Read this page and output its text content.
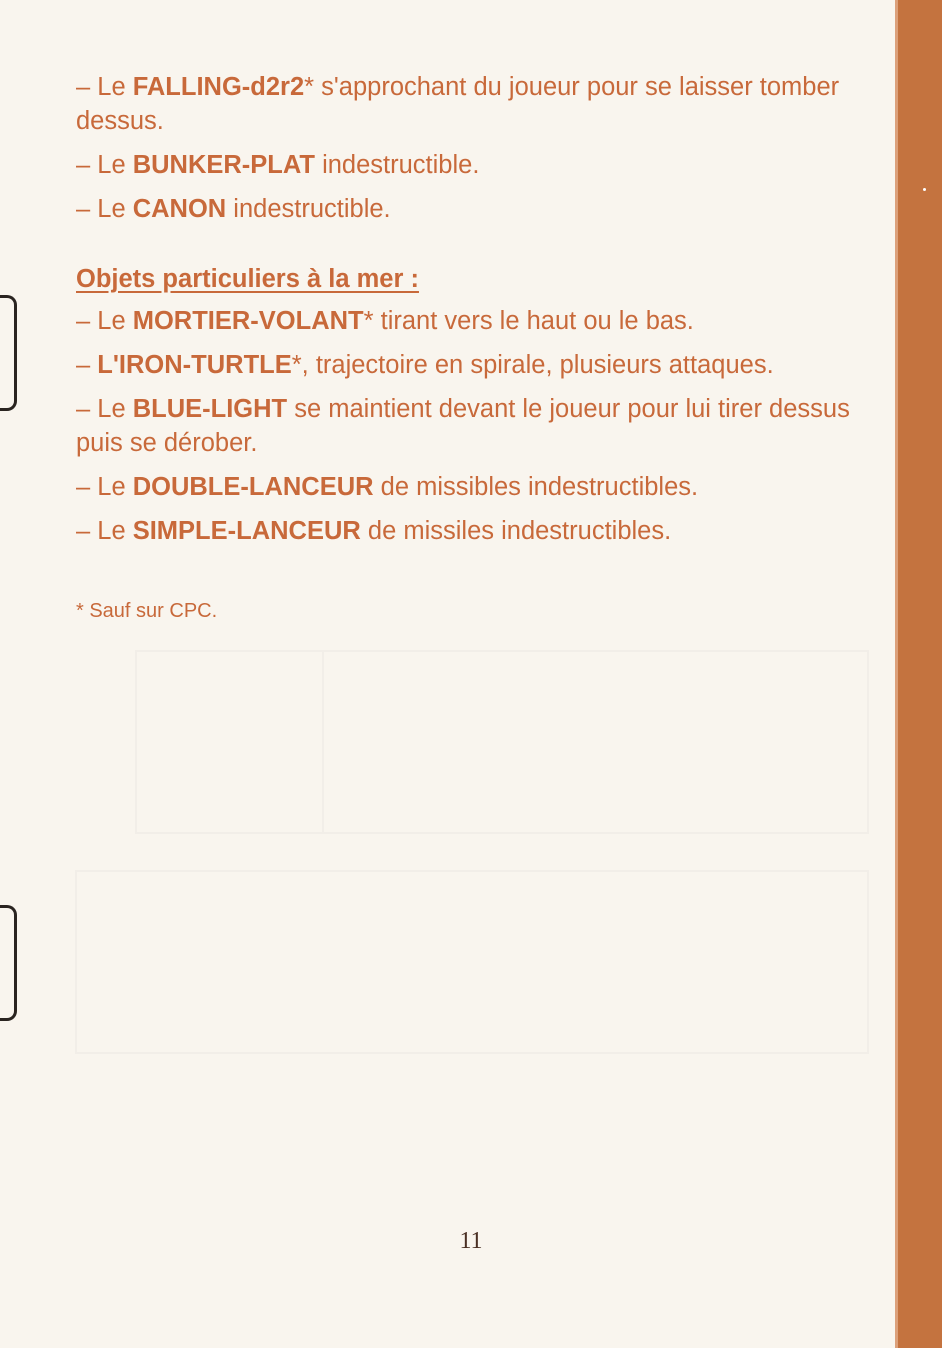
– Le FALLING-d2r2* s'approchant du joueur pour se laisser tomber dessus.

– Le BUNKER-PLAT indestructible.

– Le CANON indestructible.

Objets particuliers à la mer :

– Le MORTIER-VOLANT* tirant vers le haut ou le bas.

– L'IRON-TURTLE*, trajectoire en spirale, plusieurs attaques.

– Le BLUE-LIGHT se maintient devant le joueur pour lui tirer dessus puis se dérober.

– Le DOUBLE-LANCEUR de missibles indestructibles.

– Le SIMPLE-LANCEUR de missiles indestructibles.

* Sauf sur CPC.
11
